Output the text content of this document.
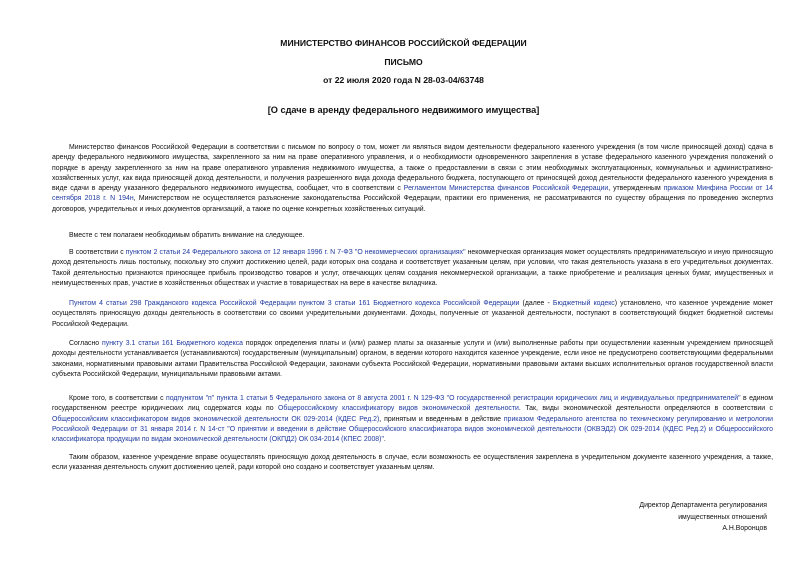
МИНИСТЕРСТВО ФИНАНСОВ РОССИЙСКОЙ ФЕДЕРАЦИИ
ПИСЬМО
от 22 июля 2020 года N 28-03-04/63748
[О сдаче в аренду федерального недвижимого имущества]

Министерство финансов Российской Федерации в соответствии с письмом по вопросу о том, может ли являться видом деятельности федерального казенного учреждения (в том числе приносящей доход) сдача в аренду федерального недвижимого имущества, закрепленного за ним на праве оперативного управления, и о необходимости одновременного закрепления в уставе федерального казенного учреждения положений о порядке в аренду закрепленного за ним на праве оперативного управления недвижимого имущества, а также о предоставлении в связи с этим необходимых эксплуатационных, коммунальных и административно-хозяйственных услуг, как вида приносящей доход деятельности, и получения разрешенного вида дохода федерального бюджета, поступающего от приносящей доход деятельности федерального казенного учреждения в виде сдачи в аренду указанного федерального недвижимого имущества, сообщает, что в соответствии с Регламентом Министерства финансов Российской Федерации, утвержденным приказом Минфина России от 14 сентября 2018 г. N 194н, Министерством не осуществляется разъяснение законодательства Российской Федерации, практики его применения, не рассматриваются по существу обращения по проведению экспертиз договоров, учредительных и иных документов организаций, а также по оценке конкретных хозяйственных ситуаций.

Вместе с тем полагаем необходимым обратить внимание на следующее.

В соответствии с пунктом 2 статьи 24 Федерального закона от 12 января 1996 г. N 7-ФЗ "О некоммерческих организациях" некоммерческая организация может осуществлять предпринимательскую и иную приносящую доход деятельность лишь постольку, поскольку это служит достижению целей, ради которых она создана и соответствует указанным целям, при условии, что такая деятельность указана в его учредительных документах. Такой деятельностью признаются приносящее прибыль производство товаров и услуг, отвечающих целям создания некоммерческой организации, а также приобретение и реализация ценных бумаг, имущественных и неимущественных прав, участие в хозяйственных обществах и участие в товариществах на вере в качестве вкладчика.

Пунктом 4 статьи 298 Гражданского кодекса Российской Федерации пунктом 3 статьи 161 Бюджетного кодекса Российской Федерации (далее - Бюджетный кодекс) установлено, что казенное учреждение может осуществлять приносящую доходы деятельность в соответствии со своими учредительными документами. Доходы, полученные от указанной деятельности, поступают в соответствующий бюджет бюджетной системы Российской Федерации.

Согласно пункту 3.1 статьи 161 Бюджетного кодекса порядок определения платы и (или) размер платы за оказанные услуги и (или) выполненные работы при осуществлении казенным учреждением приносящей доходы деятельности устанавливается (устанавливаются) государственным (муниципальным) органом, в ведении которого находится казенное учреждение, если иное не предусмотрено соответствующими федеральными законами, нормативными правовыми актами Правительства Российской Федерации, законами субъекта Российской Федерации, нормативными правовыми актами высших исполнительных органов государственной власти субъекта Российской Федерации, муниципальными правовыми актами.

Кроме того, в соответствии с подпунктом "п" пункта 1 статьи 5 Федерального закона от 8 августа 2001 г. N 129-ФЗ "О государственной регистрации юридических лиц и индивидуальных предпринимателей" в едином государственном реестре юридических лиц содержатся коды по Общероссийскому классификатору видов экономической деятельности. Так, виды экономической деятельности определяются в соответствии с Общероссийским классификатором видов экономической деятельности ОК 029-2014 (КДЕС Ред.2), принятым и введенным в действие приказом Федерального агентства по техническому регулированию и метрологии Российской Федерации от 31 января 2014 г. N 14-ст "О принятии и введении в действие Общероссийского классификатора видов экономической деятельности (ОКВЭД2) ОК 029-2014 (КДЕС Ред.2) и Общероссийского классификатора продукции по видам экономической деятельности (ОКПД2) ОК 034-2014 (КПЕС 2008)".

Таким образом, казенное учреждение вправе осуществлять приносящую доход деятельность в случае, если возможность ее осуществления закреплена в учредительном документе казенного учреждения, а также, если указанная деятельность служит достижению целей, ради которой оно создано и соответствует указанным целям.

Директор Департамента регулирования
имущественных отношений
А.Н.Воронцов
